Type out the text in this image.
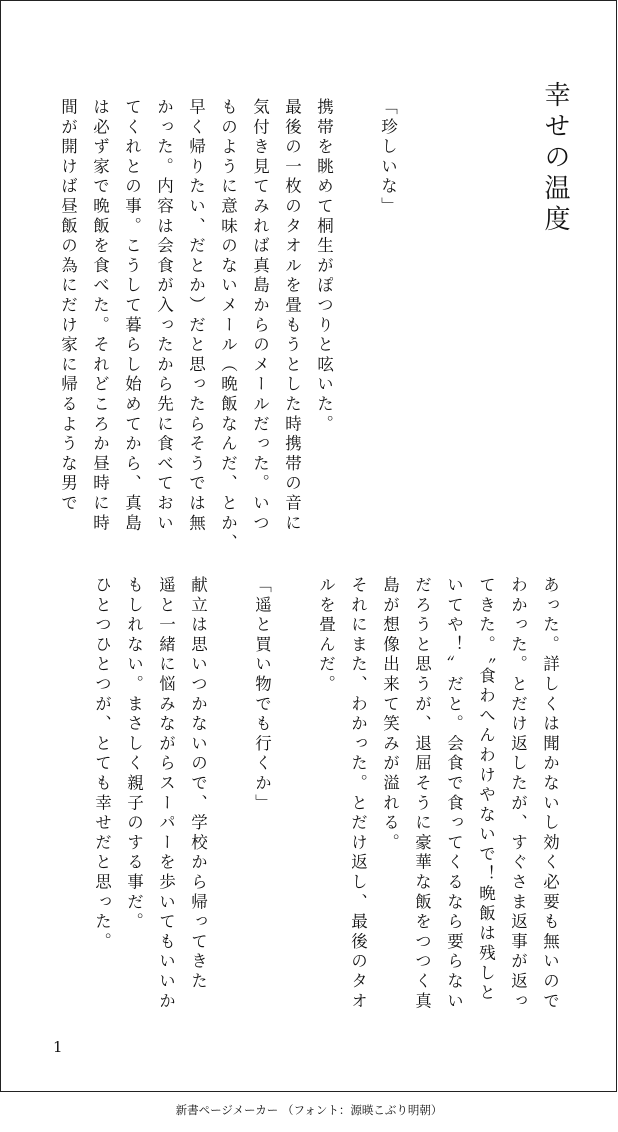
幸せの温度
「珍しいな」
携帯を眺めて桐生がぽつりと呟いた。
最後の一枚のタオルを畳もうとした時携帯の音に
気付き見てみれば真島からのメールだった。いつ
ものように意味のないメール（晩飯なんだ、とか、
早く帰りたい、だとか）だと思ったらそうでは無
かった。内容は会食が入ったから先に食べておい
てくれとの事。こうして暮らし始めてから、真島
は必ず家で晩飯を食べた。それどころか昼時に時
間が開けば昼飯の為にだけ家に帰るような男で
あった。詳しくは聞かないし効く必要も無いので
わかった。とだけ返したが、すぐさま返事が返っ
てきた。〝食わへんわけやないで！晩飯は残しと
いてや！〟だと。会食で食ってくるなら要らない
だろうと思うが、退屈そうに豪華な飯をつつく真
島が想像出来て笑みが溢れる。
それにまた、わかった。とだけ返し、最後のタオ
ルを畳んだ。
「遥と買い物でも行くか」
献立は思いつかないので、学校から帰ってきた
遥と一緒に悩みながらスーパーを歩いてもいいか
もしれない。まさしく親子のする事だ。
ひとつひとつが、とても幸せだと思った。
1
新書ページメーカー （フォント：源暎こぶり明朝）
